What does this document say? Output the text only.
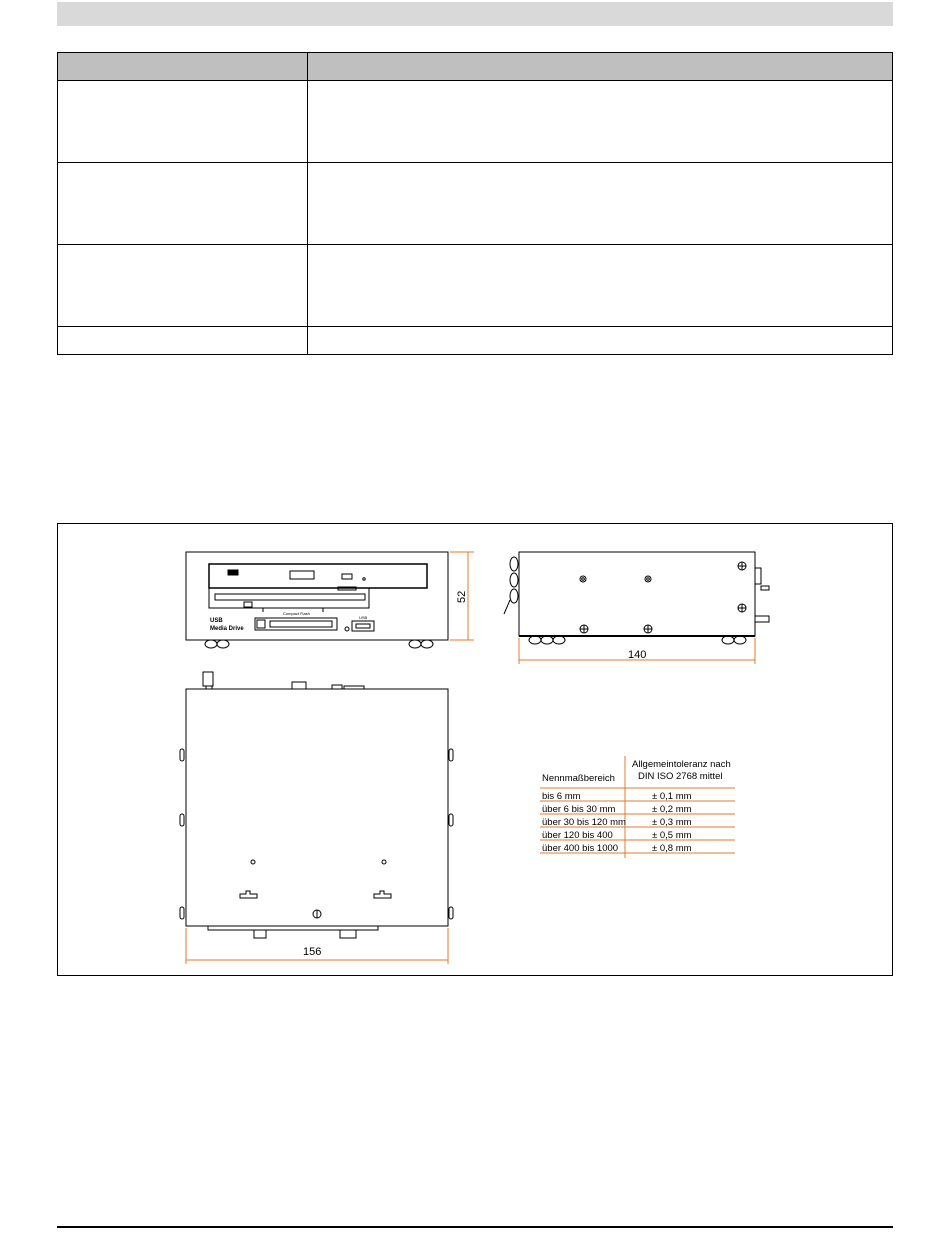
USB
Media Drive
Compact Flash
USB
52
140
156
Allgemeintoleranz nach
DIN ISO 2768 mittel
Nennmaßbereich
bis 6 mm	± 0,1 mm
über 6 bis 30 mm	± 0,2 mm
über 30 bis 120 mm	± 0,3 mm
über 120 bis 400	± 0,5 mm
über 400 bis 1000	± 0,8 mm
